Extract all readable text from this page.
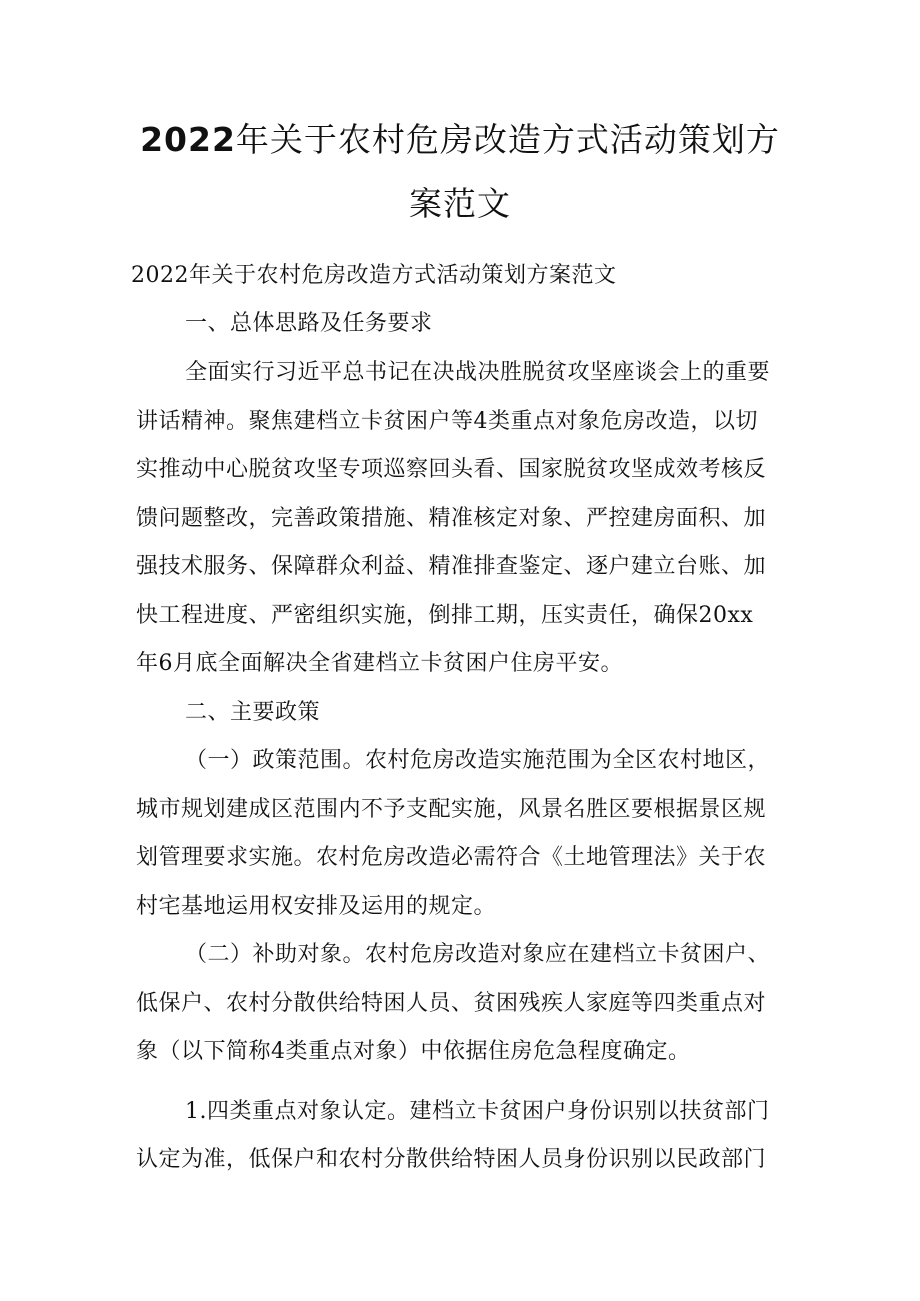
2022年关于农村危房改造方式活动策划方
案范文
2022年关于农村危房改造方式活动策划方案范文
一、总体思路及任务要求
全面实行习近平总书记在决战决胜脱贫攻坚座谈会上的重要
讲话精神。聚焦建档立卡贫困户等4类重点对象危房改造，以切
实推动中心脱贫攻坚专项巡察回头看、国家脱贫攻坚成效考核反
馈问题整改，完善政策措施、精准核定对象、严控建房面积、加
强技术服务、保障群众利益、精准排查鉴定、逐户建立台账、加
快工程进度、严密组织实施，倒排工期，压实责任，确保20xx
年6月底全面解决全省建档立卡贫困户住房平安。
二、主要政策
（一）政策范围。农村危房改造实施范围为全区农村地区，
城市规划建成区范围内不予支配实施，风景名胜区要根据景区规
划管理要求实施。农村危房改造必需符合《土地管理法》关于农
村宅基地运用权安排及运用的规定。
（二）补助对象。农村危房改造对象应在建档立卡贫困户、
低保户、农村分散供给特困人员、贫困残疾人家庭等四类重点对
象（以下简称4类重点对象）中依据住房危急程度确定。
1.四类重点对象认定。建档立卡贫困户身份识别以扶贫部门
认定为准，低保户和农村分散供给特困人员身份识别以民政部门
